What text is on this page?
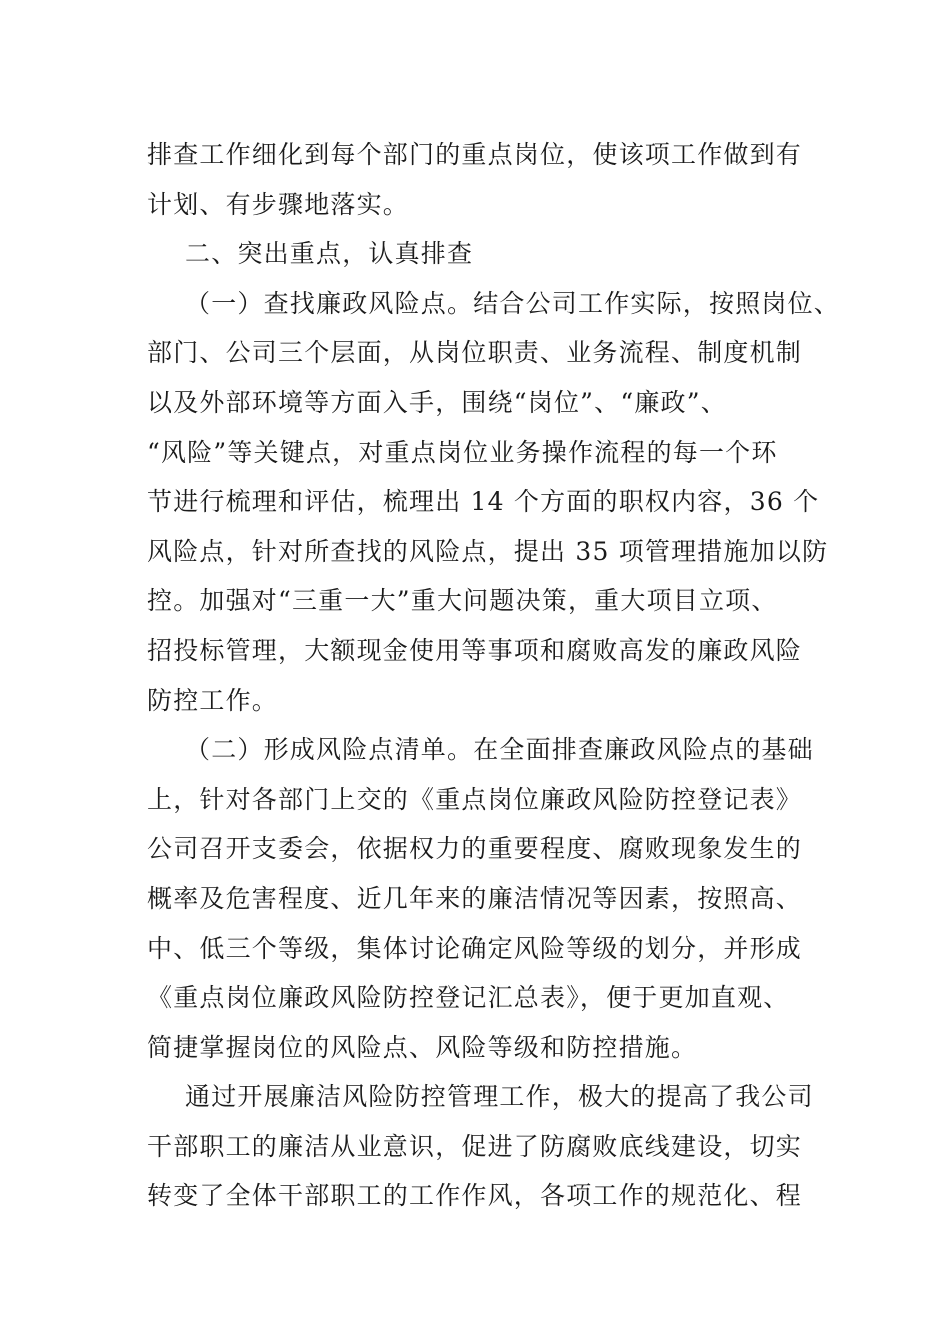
排查工作细化到每个部门的重点岗位，使该项工作做到有
计划、有步骤地落实。
二、突出重点，认真排查
（一）查找廉政风险点。结合公司工作实际，按照岗位、
部门、公司三个层面，从岗位职责、业务流程、制度机制
以及外部环境等方面入手，围绕“岗位”、“廉政”、
“风险”等关键点，对重点岗位业务操作流程的每一个环
节进行梳理和评估，梳理出 14 个方面的职权内容，36 个
风险点，针对所查找的风险点，提出 35 项管理措施加以防
控。加强对“三重一大”重大问题决策，重大项目立项、
招投标管理，大额现金使用等事项和腐败高发的廉政风险
防控工作。
（二）形成风险点清单。在全面排查廉政风险点的基础
上，针对各部门上交的《重点岗位廉政风险防控登记表》
公司召开支委会，依据权力的重要程度、腐败现象发生的
概率及危害程度、近几年来的廉洁情况等因素，按照高、
中、低三个等级，集体讨论确定风险等级的划分，并形成
《重点岗位廉政风险防控登记汇总表》，便于更加直观、
简捷掌握岗位的风险点、风险等级和防控措施。
通过开展廉洁风险防控管理工作，极大的提高了我公司
干部职工的廉洁从业意识，促进了防腐败底线建设，切实
转变了全体干部职工的工作作风，各项工作的规范化、程
